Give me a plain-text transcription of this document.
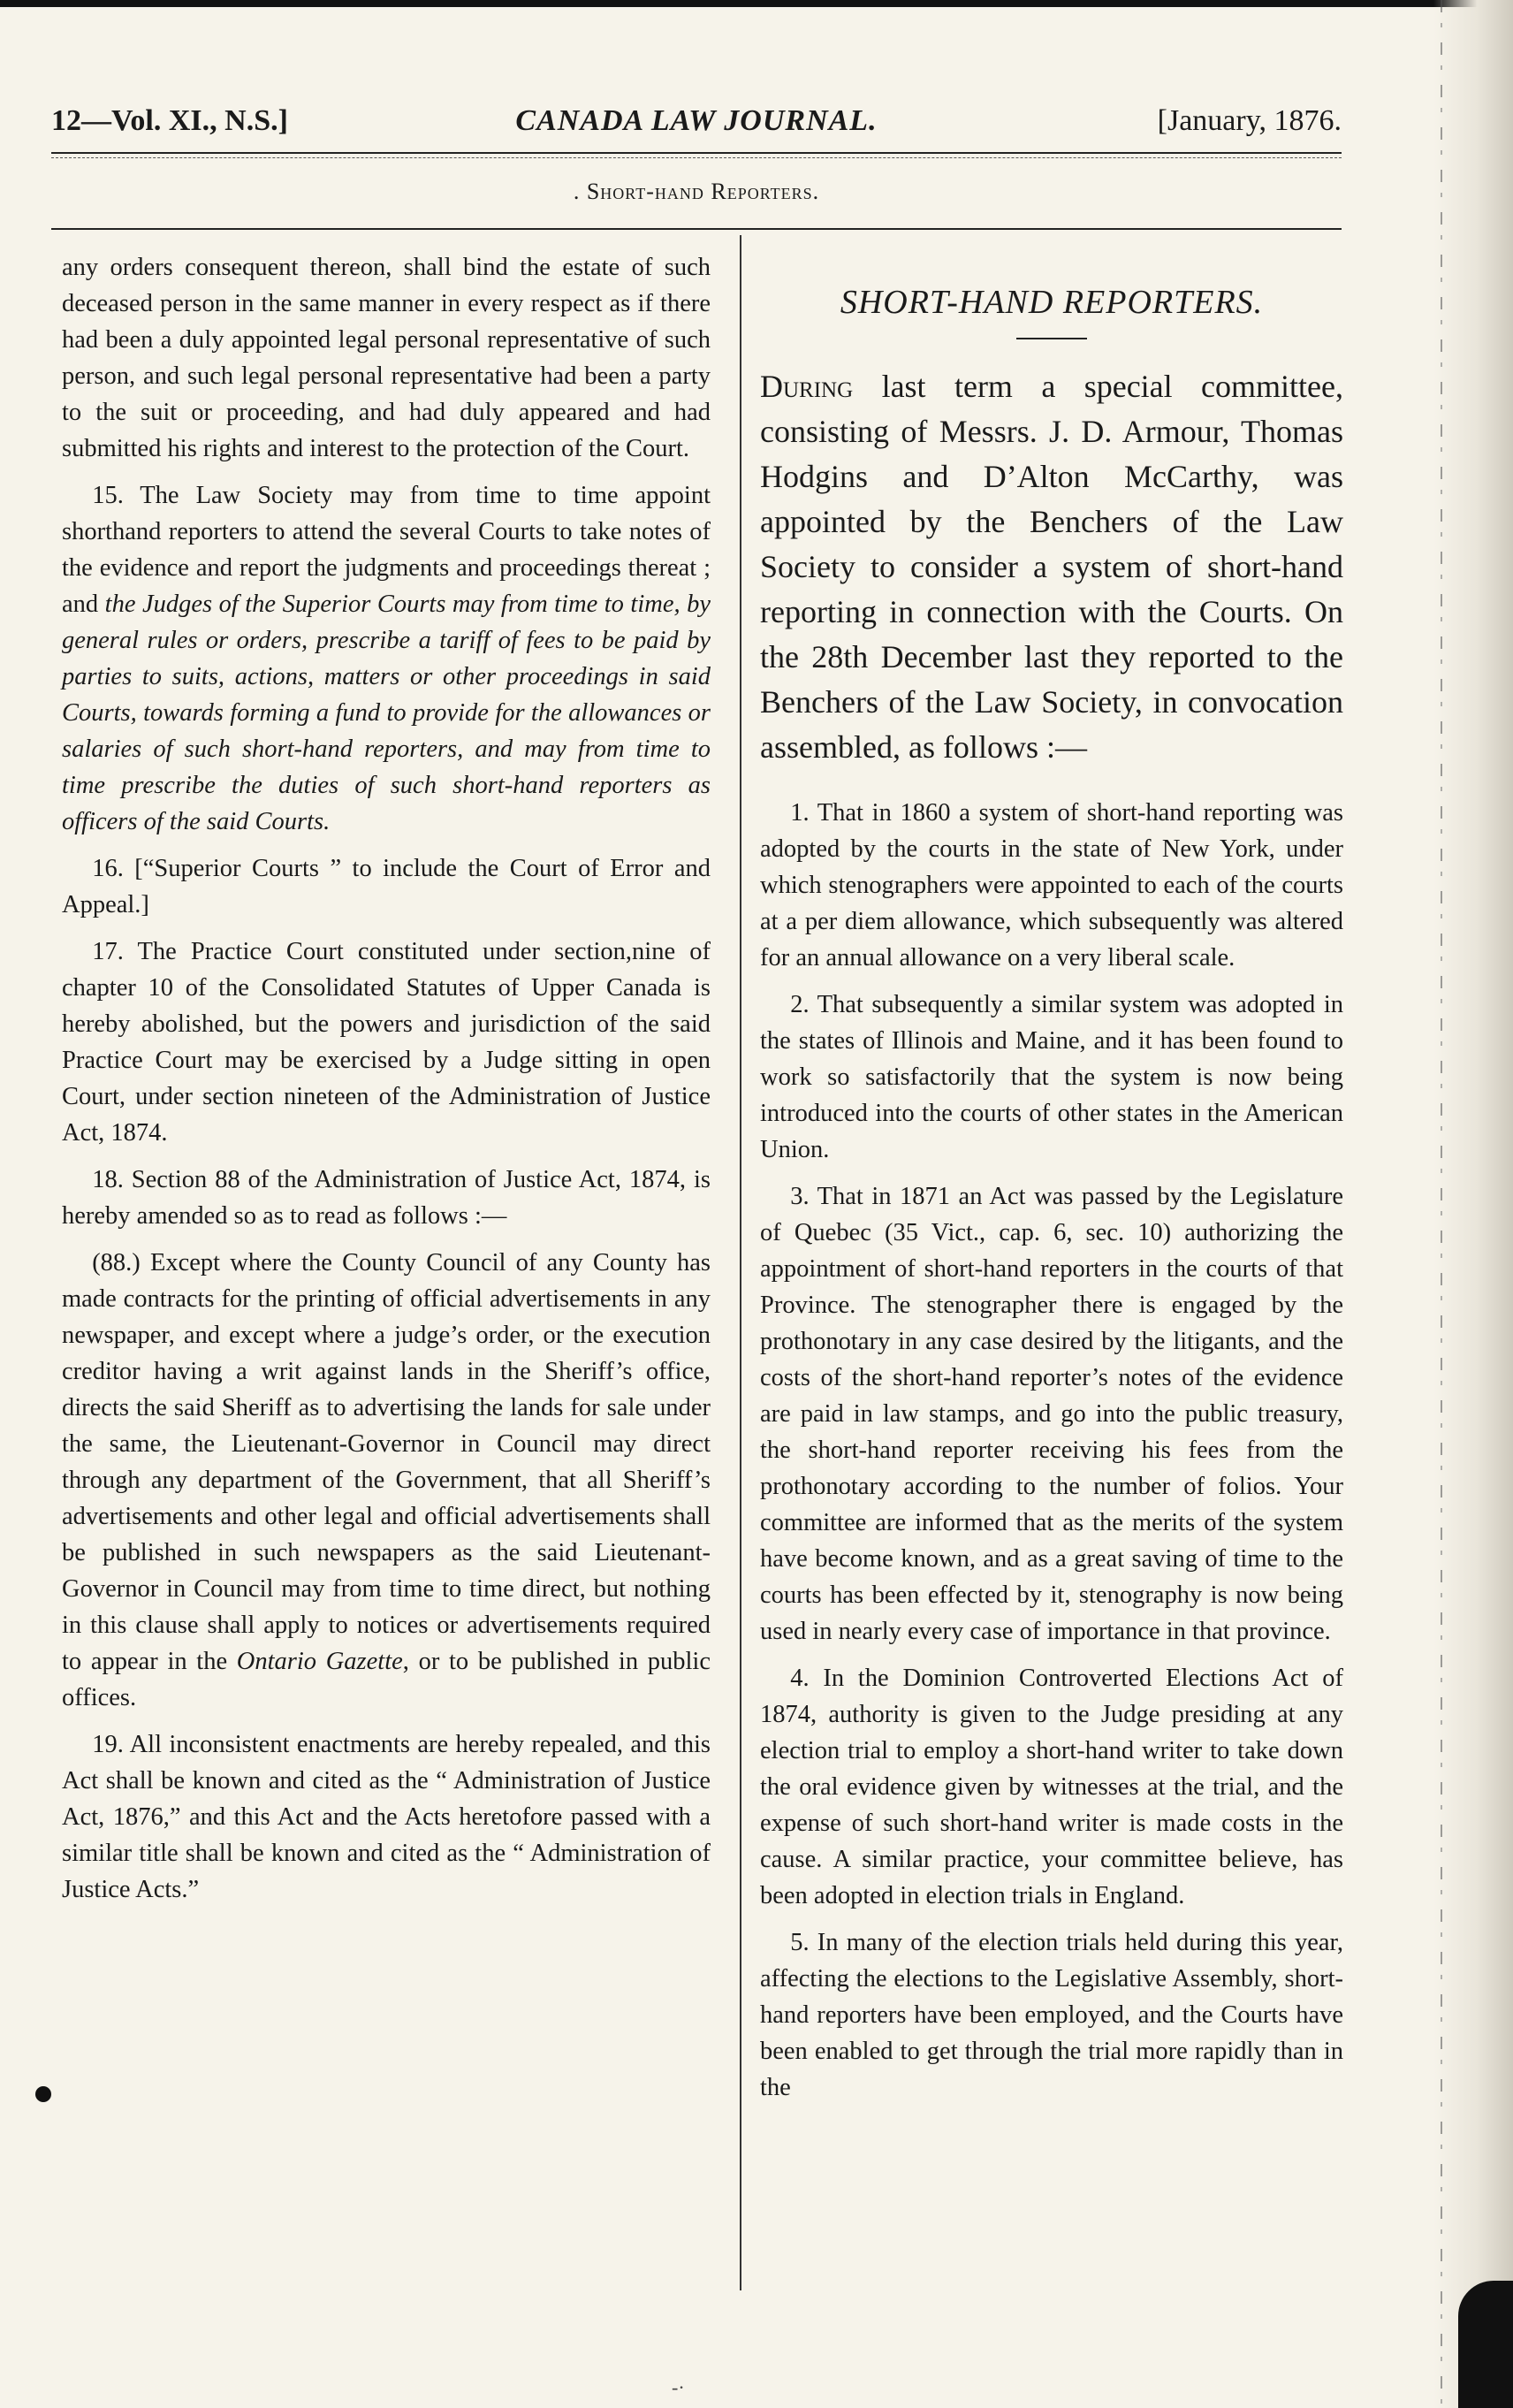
12—Vol. XI., N.S.]	CANADA LAW JOURNAL.	[January, 1876.
. Short-hand Reporters.

any orders consequent thereon, shall bind the estate of such deceased person in the same manner in every respect as if there had been a duly appointed legal personal representative of such person, and such legal personal representative had been a party to the suit or proceeding, and had duly appeared and had submitted his rights and interest to the protection of the Court.

15. The Law Society may from time to time appoint shorthand reporters to attend the several Courts to take notes of the evidence and report the judgments and proceedings thereat ; and the Judges of the Superior Courts may from time to time, by general rules or orders, prescribe a tariff of fees to be paid by parties to suits, actions, matters or other proceedings in said Courts, towards forming a fund to provide for the allowances or salaries of such short-hand reporters, and may from time to time prescribe the duties of such short-hand reporters as officers of the said Courts.

16. [“Superior Courts ” to include the Court of Error and Appeal.]

17. The Practice Court constituted under section,nine of chapter 10 of the Consolidated Statutes of Upper Canada is hereby abolished, but the powers and jurisdiction of the said Practice Court may be exercised by a Judge sitting in open Court, under section nineteen of the Administration of Justice Act, 1874.

18. Section 88 of the Administration of Justice Act, 1874, is hereby amended so as to read as follows :—

(88.) Except where the County Council of any County has made contracts for the printing of official advertisements in any newspaper, and except where a judge’s order, or the execution creditor having a writ against lands in the Sheriff’s office, directs the said Sheriff as to advertising the lands for sale under the same, the Lieutenant-Governor in Council may direct through any department of the Government, that all Sheriff’s advertisements and other legal and official advertisements shall be published in such newspapers as the said Lieutenant-Governor in Council may from time to time direct, but nothing in this clause shall apply to notices or advertisements required to appear in the Ontario Gazette, or to be published in public offices.

19. All inconsistent enactments are hereby repealed, and this Act shall be known and cited as the “ Administration of Justice Act, 1876,” and this Act and the Acts heretofore passed with a similar title shall be known and cited as the “ Administration of Justice Acts.”

SHORT-HAND REPORTERS.

During last term a special committee, consisting of Messrs. J. D. Armour, Thomas Hodgins and D’Alton McCarthy, was appointed by the Benchers of the Law Society to consider a system of short-hand reporting in connection with the Courts. On the 28th December last they reported to the Benchers of the Law Society, in convocation assembled, as follows :—

1. That in 1860 a system of short-hand reporting was adopted by the courts in the state of New York, under which stenographers were appointed to each of the courts at a per diem allowance, which subsequently was altered for an annual allowance on a very liberal scale.

2. That subsequently a similar system was adopted in the states of Illinois and Maine, and it has been found to work so satisfactorily that the system is now being introduced into the courts of other states in the American Union.

3. That in 1871 an Act was passed by the Legislature of Quebec (35 Vict., cap. 6, sec. 10) authorizing the appointment of short-hand reporters in the courts of that Province. The stenographer there is engaged by the prothonotary in any case desired by the litigants, and the costs of the short-hand reporter’s notes of the evidence are paid in law stamps, and go into the public treasury, the short-hand reporter receiving his fees from the prothonotary according to the number of folios. Your committee are informed that as the merits of the system have become known, and as a great saving of time to the courts has been effected by it, stenography is now being used in nearly every case of importance in that province.

4. In the Dominion Controverted Elections Act of 1874, authority is given to the Judge presiding at any election trial to employ a short-hand writer to take down the oral evidence given by witnesses at the trial, and the expense of such short-hand writer is made costs in the cause. A similar practice, your committee believe, has been adopted in election trials in England.

5. In many of the election trials held during this year, affecting the elections to the Legislative Assembly, short-hand reporters have been employed, and the Courts have been enabled to get through the trial more rapidly than in the

-·
